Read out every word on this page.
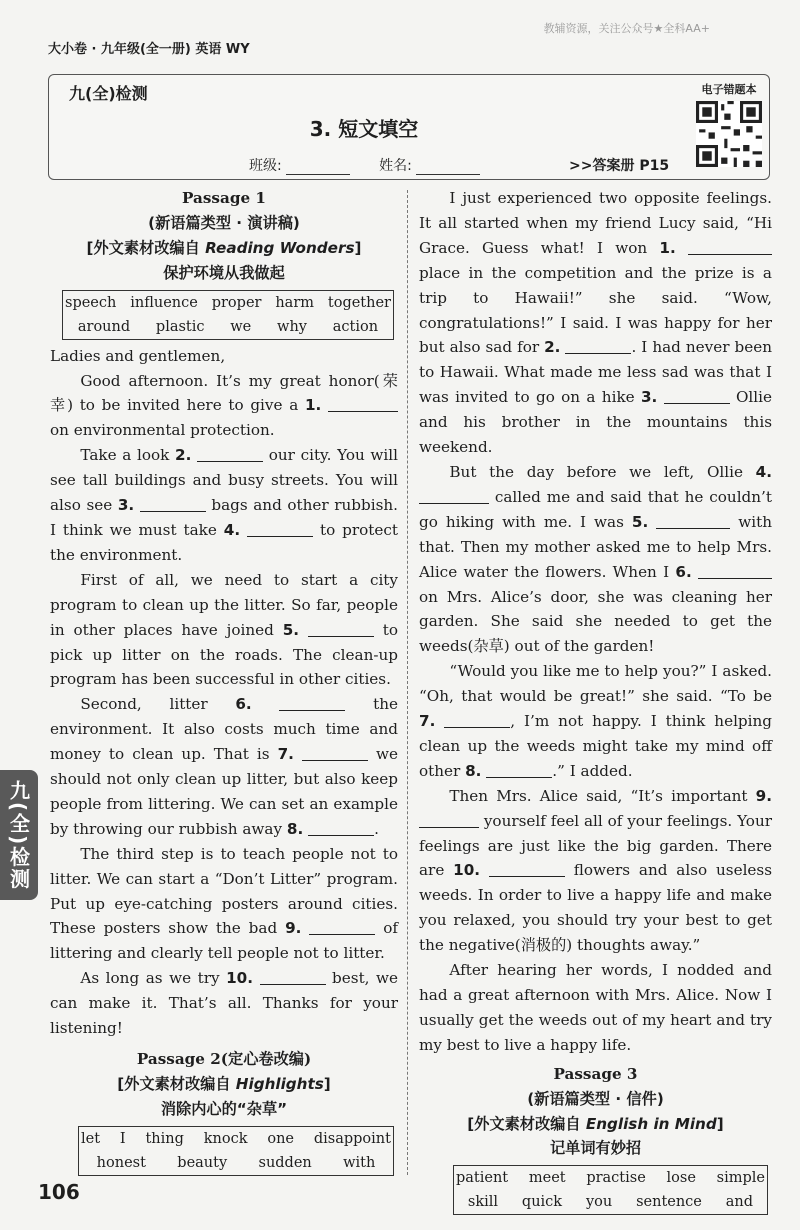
大小卷 · 九年级(全一册) 英语 WY
教辅资源，关注公众号★全科AA+
九(全)检测
3. 短文填空
班级:	姓名:	>>答案册 P15
电子错题本
Passage 1
(新语篇类型 · 演讲稿)
[外文素材改编自 Reading Wonders]
保护环境从我做起
speech influence proper harm together
around plastic we why action

Ladies and gentlemen,

Good afternoon. It’s my great honor(荣幸) to be invited here to give a 1.  on environmental protection.

Take a look 2.	our city. You will see tall buildings and busy streets. You will also see 3.	bags and other rubbish. I think we must take 4.	to protect the environment.

First of all, we need to start a city program to clean up the litter. So far, people in other places have joined 5.	to pick up litter on the roads. The clean-up program has been successful in other cities.

Second, litter 6.	the environment. It also costs much time and money to clean up. That is 7.	we should not only clean up litter, but also keep people from littering. We can set an example by throwing our rubbish away 8.	.

The third step is to teach people not to litter. We can start a “Don’t Litter” program. Put up eye-catching posters around cities. These posters show the bad 9.	of littering and clearly tell people not to litter.

As long as we try 10.	best, we can make it. That’s all. Thanks for your listening!

Passage 2(定心卷改编)
[外文素材改编自 Highlights]
消除内心的“杂草”
let I thing knock one disappoint
honest beauty sudden with

I just experienced two opposite feelings. It all started when my friend Lucy said, “Hi Grace. Guess what! I won 1.  place in the competition and the prize is a trip to Hawaii!” she said. “Wow, congratulations!” I said. I was happy for her but also sad for 2.	. I had never been to Hawaii. What made me less sad was that I was invited to go on a hike 3.	Ollie and his brother in the mountains this weekend.

But the day before we left, Ollie 4.  called me and said that he couldn’t go hiking with me. I was 5.	with that. Then my mother asked me to help Mrs. Alice water the flowers. When I 6.  on Mrs. Alice’s door, she was cleaning her garden. She said she needed to get the weeds(杂草) out of the garden!

“Would you like me to help you?” I asked. “Oh, that would be great!” she said. “To be 7.	, I’m not happy. I think helping clean up the weeds might take my mind off other 8.	.” I added.

Then Mrs. Alice said, “It’s important 9.  yourself feel all of your feelings. Your feelings are just like the big garden. There are 10.	flowers and also useless weeds. In order to live a happy life and make you relaxed, you should try your best to get the negative(消极的) thoughts away.”

After hearing her words, I nodded and had a great afternoon with Mrs. Alice. Now I usually get the weeds out of my heart and try my best to live a happy life.

Passage 3
(新语篇类型 · 信件)
[外文素材改编自 English in Mind]
记单词有妙招
patient meet practise lose simple
skill quick you sentence and
九(全)检测
106
